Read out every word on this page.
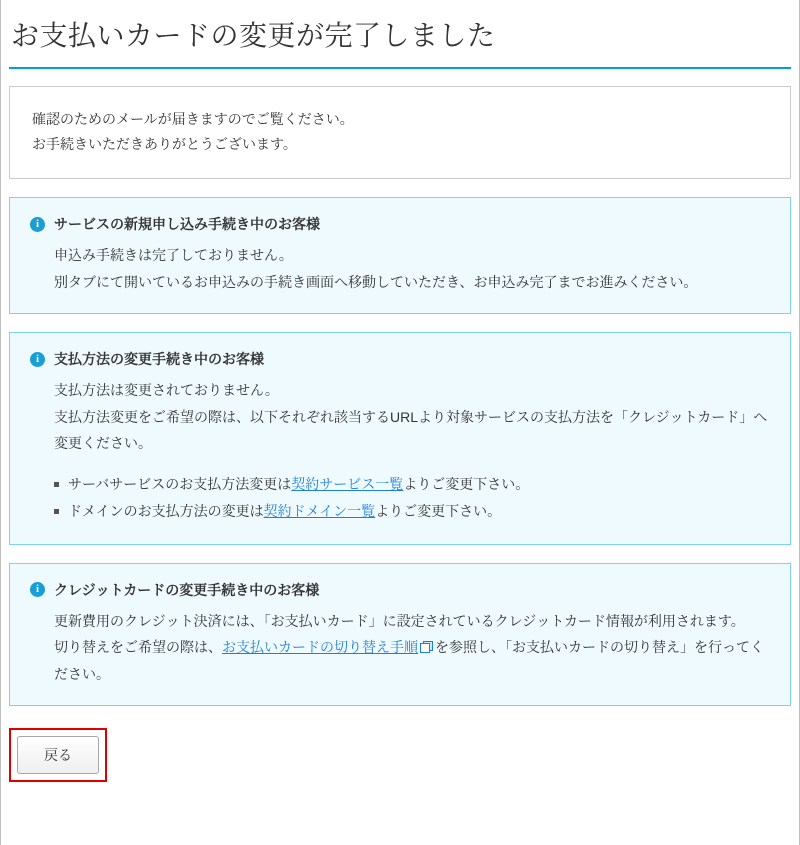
お支払いカードの変更が完了しました

確認のためのメールが届きますのでご覧ください。

お手続きいただきありがとうございます。

i	サービスの新規申し込み手続き中のお客様

申込み手続きは完了しておりません。

別タブにて開いているお申込みの手続き画面へ移動していただき、お申込み完了までお進みください。

i	支払方法の変更手続き中のお客様

支払方法は変更されておりません。

支払方法変更をご希望の際は、以下それぞれ該当するURLより対象サービスの支払方法を「クレジットカード」へ変更ください。

サーバサービスのお支払方法変更は契約サービス一覧よりご変更下さい。
ドメインのお支払方法の変更は契約ドメイン一覧よりご変更下さい。
i	クレジットカードの変更手続き中のお客様

更新費用のクレジット決済には、「お支払いカード」に設定されているクレジットカード情報が利用されます。

切り替えをご希望の際は、お支払いカードの切り替え手順 を参照し、「お支払いカードの切り替え」を行ってください。

戻る
